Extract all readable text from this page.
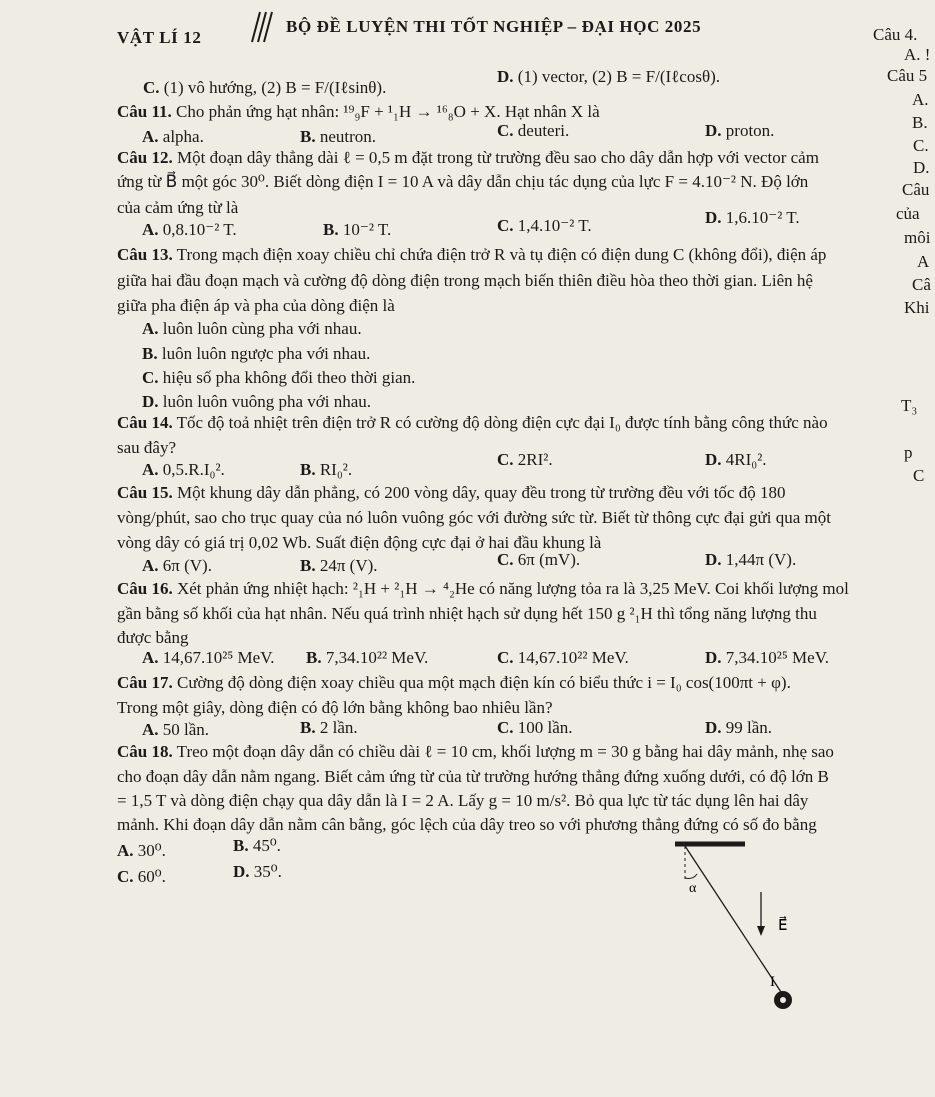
VẬT LÍ 12
BỘ ĐỀ LUYỆN THI TỐT NGHIỆP – ĐẠI HỌC 2025
C. (1) vô hướng, (2) B = F/(Iℓsinθ).
D. (1) vector, (2) B = F/(Iℓcosθ).
Câu 11. Cho phản ứng hạt nhân: ¹⁹₉F + ¹₁H → ¹⁶₈O + X. Hạt nhân X là
A. alpha.	B. neutron.	C. deuteri.	D. proton.
Câu 12. Một đoạn dây thẳng dài ℓ = 0,5 m đặt trong từ trường đều sao cho dây dẫn hợp với vector cảm
ứng từ B⃗ một góc 30⁰. Biết dòng điện I = 10 A và dây dẫn chịu tác dụng của lực F = 4.10⁻² N. Độ lớn
của cảm ứng từ là
A. 0,8.10⁻² T.	B. 10⁻² T.	C. 1,4.10⁻² T.	D. 1,6.10⁻² T.
Câu 13. Trong mạch điện xoay chiều chỉ chứa điện trở R và tụ điện có điện dung C (không đổi), điện áp
giữa hai đầu đoạn mạch và cường độ dòng điện trong mạch biến thiên điều hòa theo thời gian. Liên hệ
giữa pha điện áp và pha của dòng điện là
A. luôn luôn cùng pha với nhau.
B. luôn luôn ngược pha với nhau.
C. hiệu số pha không đổi theo thời gian.
D. luôn luôn vuông pha với nhau.
Câu 14. Tốc độ toả nhiệt trên điện trở R có cường độ dòng điện cực đại I₀ được tính bằng công thức nào
sau đây?
A. 0,5.R.I₀².	B. RI₀².
C. 2RI².	D. 4RI₀².
Câu 15. Một khung dây dẫn phẳng, có 200 vòng dây, quay đều trong từ trường đều với tốc độ 180
vòng/phút, sao cho trục quay của nó luôn vuông góc với đường sức từ. Biết từ thông cực đại gửi qua một
vòng dây có giá trị 0,02 Wb. Suất điện động cực đại ở hai đầu khung là
A. 6π (V).	B. 24π (V).	C. 6π (mV).	D. 1,44π (V).
Câu 16. Xét phản ứng nhiệt hạch: ²₁H + ²₁H → ⁴₂He có năng lượng tỏa ra là 3,25 MeV. Coi khối lượng mol
gần bằng số khối của hạt nhân. Nếu quá trình nhiệt hạch sử dụng hết 150 g ²₁H thì tổng năng lượng thu
được bằng
A. 14,67.10²⁵ MeV. B. 7,34.10²² MeV.	C. 14,67.10²² MeV.	D. 7,34.10²⁵ MeV.
Câu 17. Cường độ dòng điện xoay chiều qua một mạch điện kín có biểu thức i = I₀ cos(100πt + φ).
Trong một giây, dòng điện có độ lớn bằng không bao nhiêu lần?
A. 50 lần.	B. 2 lần.	C. 100 lần.	D. 99 lần.
Câu 18. Treo một đoạn dây dẫn có chiều dài ℓ = 10 cm, khối lượng m = 30 g bằng hai dây mảnh, nhẹ sao
cho đoạn dây dẫn nằm ngang. Biết cảm ứng từ của từ trường hướng thẳng đứng xuống dưới, có độ lớn B
= 1,5 T và dòng điện chạy qua dây dẫn là I = 2 A. Lấy g = 10 m/s². Bỏ qua lực từ tác dụng lên hai dây
mảnh. Khi đoạn dây dẫn nằm cân bằng, góc lệch của dây treo so với phương thẳng đứng có số đo bằng
A. 30⁰.	B. 45⁰.
C. 60⁰.	D. 35⁰.
Câu 4.
A. !
Câu 5
A.
B.
C.
D.
Câu
của
môi
A
Câ
Khi
T₃
p
C
α
E⃗
I
